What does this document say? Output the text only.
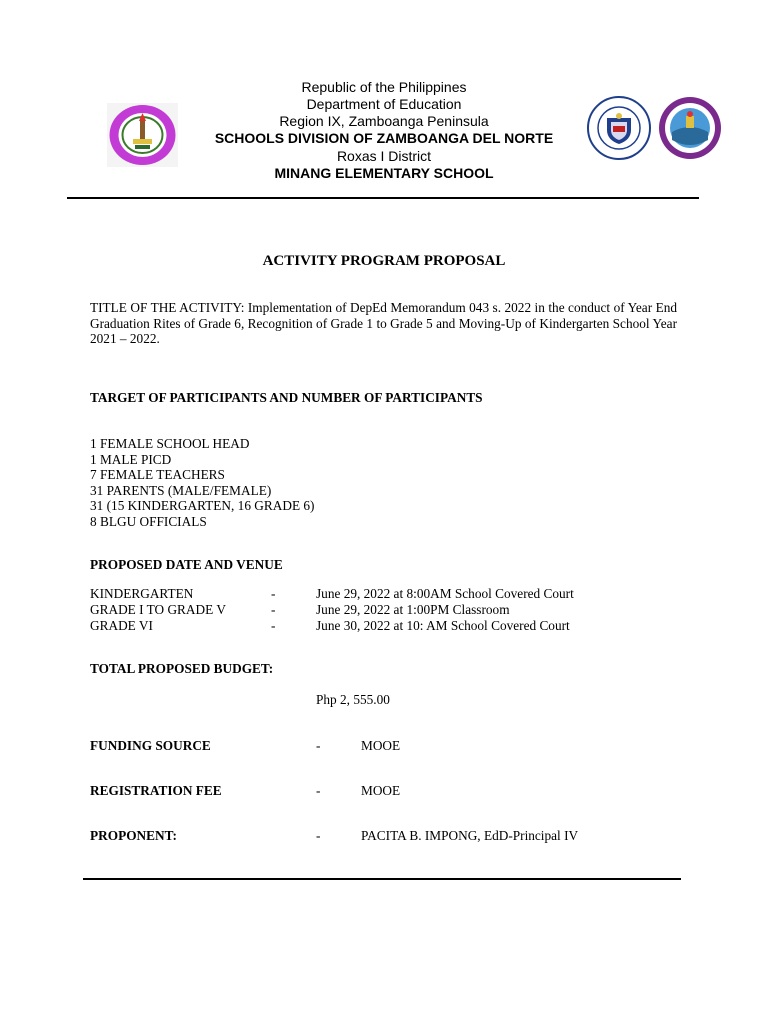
Republic of the Philippines
Department of Education
Region IX, Zamboanga Peninsula
SCHOOLS DIVISION OF ZAMBOANGA DEL NORTE
Roxas I District
MINANG ELEMENTARY SCHOOL
ACTIVITY PROGRAM PROPOSAL
TITLE OF THE ACTIVITY: Implementation of DepEd Memorandum 043 s. 2022 in the conduct of Year End Graduation Rites of Grade 6, Recognition of Grade 1 to Grade 5 and Moving-Up of Kindergarten School Year 2021 – 2022.
TARGET OF PARTICIPANTS AND NUMBER OF PARTICIPANTS
1 FEMALE SCHOOL HEAD
1 MALE PICD
7 FEMALE TEACHERS
31 PARENTS (MALE/FEMALE)
31 (15 KINDERGARTEN, 16 GRADE 6)
8 BLGU OFFICIALS
PROPOSED DATE AND VENUE
KINDERGARTEN	-	June 29, 2022 at 8:00AM School Covered Court
GRADE I TO GRADE V	-	June 29, 2022 at 1:00PM Classroom
GRADE VI	-	June 30, 2022 at 10: AM School Covered Court
TOTAL PROPOSED BUDGET:
Php 2, 555.00
FUNDING SOURCE	-	MOOE
REGISTRATION FEE	-	MOOE
PROPONENT:	-	PACITA B. IMPONG, EdD-Principal IV
